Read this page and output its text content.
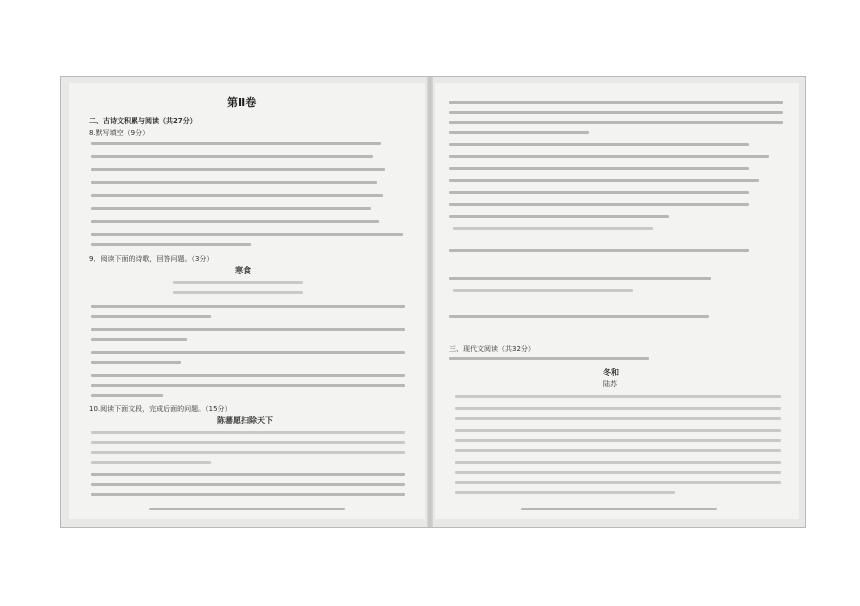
第Ⅱ卷
二、古诗文积累与阅读（共27分）
8.默写填空（9分）
9．阅读下面的诗歌，回答问题。（3分）
寒食
10.阅读下面文段，完成后面的问题。（15分）
陈蕃愿扫除天下
三、现代文阅读（共32分）
冬和
陆苏
